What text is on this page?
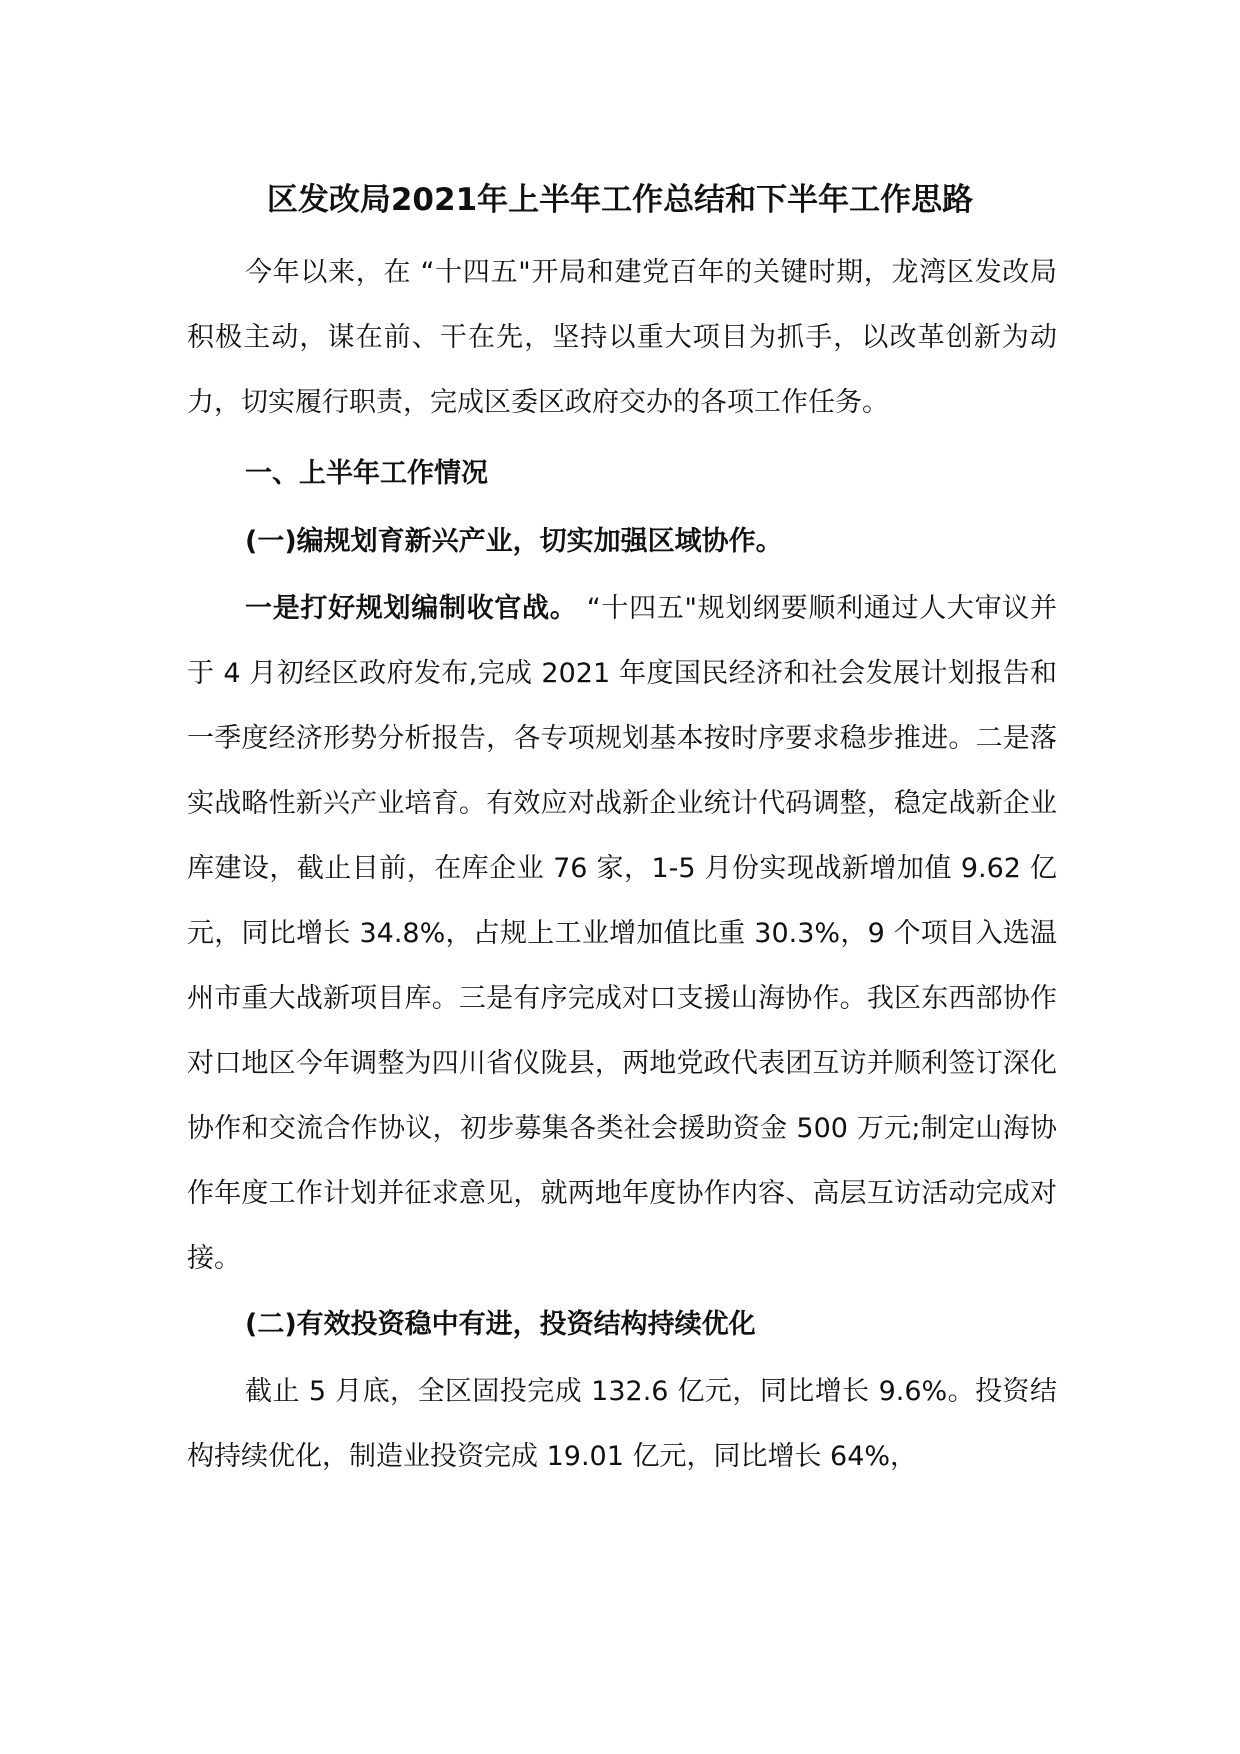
区发改局2021年上半年工作总结和下半年工作思路

今年以来，在 “十四五"开局和建党百年的关键时期，龙湾区发改局积极主动，谋在前、干在先，坚持以重大项目为抓手，以改革创新为动力，切实履行职责，完成区委区政府交办的各项工作任务。

一、上半年工作情况

(一)编规划育新兴产业，切实加强区域协作。

一是打好规划编制收官战。 “十四五"规划纲要顺利通过人大审议并于 4 月初经区政府发布,完成 2021 年度国民经济和社会发展计划报告和一季度经济形势分析报告，各专项规划基本按时序要求稳步推进。二是落实战略性新兴产业培育。有效应对战新企业统计代码调整，稳定战新企业库建设，截止目前，在库企业 76 家，1-5 月份实现战新增加值 9.62 亿元，同比增长 34.8%，占规上工业增加值比重 30.3%，9 个项目入选温州市重大战新项目库。三是有序完成对口支援山海协作。我区东西部协作对口地区今年调整为四川省仪陇县，两地党政代表团互访并顺利签订深化协作和交流合作协议，初步募集各类社会援助资金 500 万元;制定山海协作年度工作计划并征求意见，就两地年度协作内容、高层互访活动完成对接。

(二)有效投资稳中有进，投资结构持续优化

截止 5 月底，全区固投完成 132.6 亿元，同比增长 9.6%。投资结构持续优化，制造业投资完成 19.01 亿元，同比增长 64%，
